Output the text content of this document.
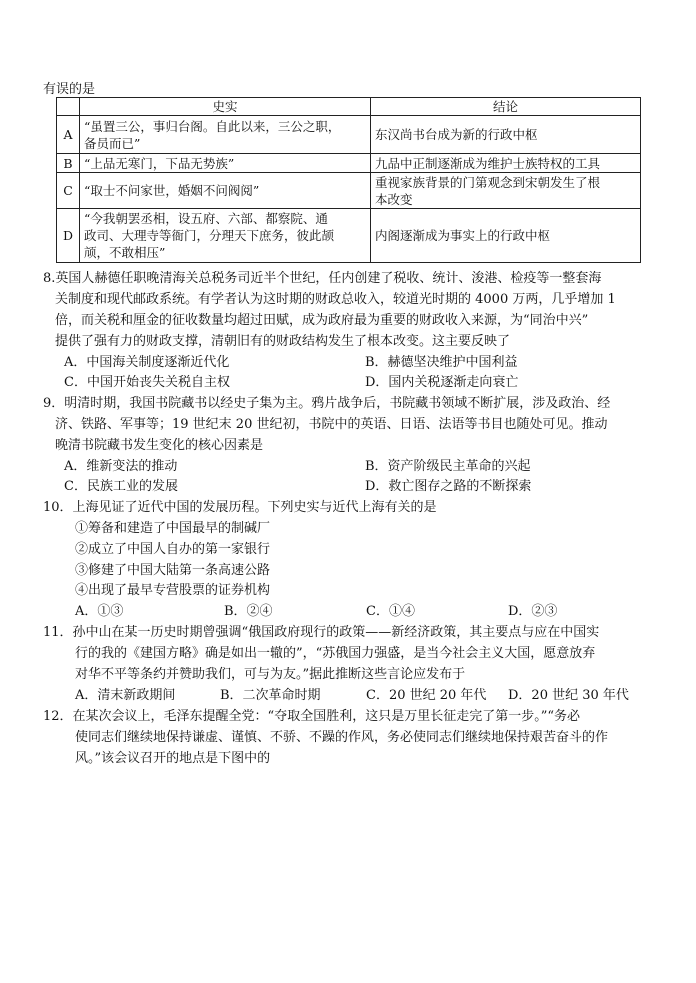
有误的是
	史实	结论
A	“虽置三公，事归台阁。自此以来，三公之职，
备员而已”	东汉尚书台成为新的行政中枢
B	“上品无寒门，下品无势族”	九品中正制逐渐成为维护士族特权的工具
C	“取士不问家世，婚姻不问阀阅”	重视家族背景的门第观念到宋朝发生了根
本改变

D	“今我朝罢丞相，设五府、六部、都察院、通
政司、大理寺等衙门，分理天下庶务，彼此颉
颃，不敢相压”	内阁逐渐成为事实上的行政中枢
8.英国人赫德任职晚清海关总税务司近半个世纪，任内创建了税收、统计、浚港、检疫等一整套海
关制度和现代邮政系统。有学者认为这时期的财政总收入，较道光时期的 4000 万两，几乎增加 1
倍，而关税和厘金的征收数量均超过田赋，成为政府最为重要的财政收入来源，为“同治中兴”
提供了强有力的财政支撑，清朝旧有的财政结构发生了根本改变。这主要反映了
A．中国海关制度逐渐近代化	B．赫德坚决维护中国利益
C．中国开始丧失关税自主权	D．国内关税逐渐走向衰亡
9．明清时期，我国书院藏书以经史子集为主。鸦片战争后，书院藏书领域不断扩展，涉及政治、经
济、铁路、军事等；19 世纪末 20 世纪初，书院中的英语、日语、法语等书目也随处可见。推动
晚清书院藏书发生变化的核心因素是
A．维新变法的推动	B．资产阶级民主革命的兴起
C．民族工业的发展	D．救亡图存之路的不断探索
10．上海见证了近代中国的发展历程。下列史实与近代上海有关的是
①筹备和建造了中国最早的制碱厂
②成立了中国人自办的第一家银行
③修建了中国大陆第一条高速公路
④出现了最早专营股票的证券机构
A．①③	B．②④	C．①④	D．②③
11．孙中山在某一历史时期曾强调“俄国政府现行的政策——新经济政策，其主要点与应在中国实
行的我的《建国方略》确是如出一辙的”，“苏俄国力强盛，是当今社会主义大国，愿意放弃
对华不平等条约并赞助我们，可与为友。”据此推断这些言论应发布于
A．清末新政期间	B．二次革命时期	C．20 世纪 20 年代 D．20 世纪 30 年代
12．在某次会议上，毛泽东提醒全党：“夺取全国胜利，这只是万里长征走完了第一步。”“务必
使同志们继续地保持谦虚、谨慎、不骄、不躁的作风，务必使同志们继续地保持艰苦奋斗的作
风。”该会议召开的地点是下图中的
